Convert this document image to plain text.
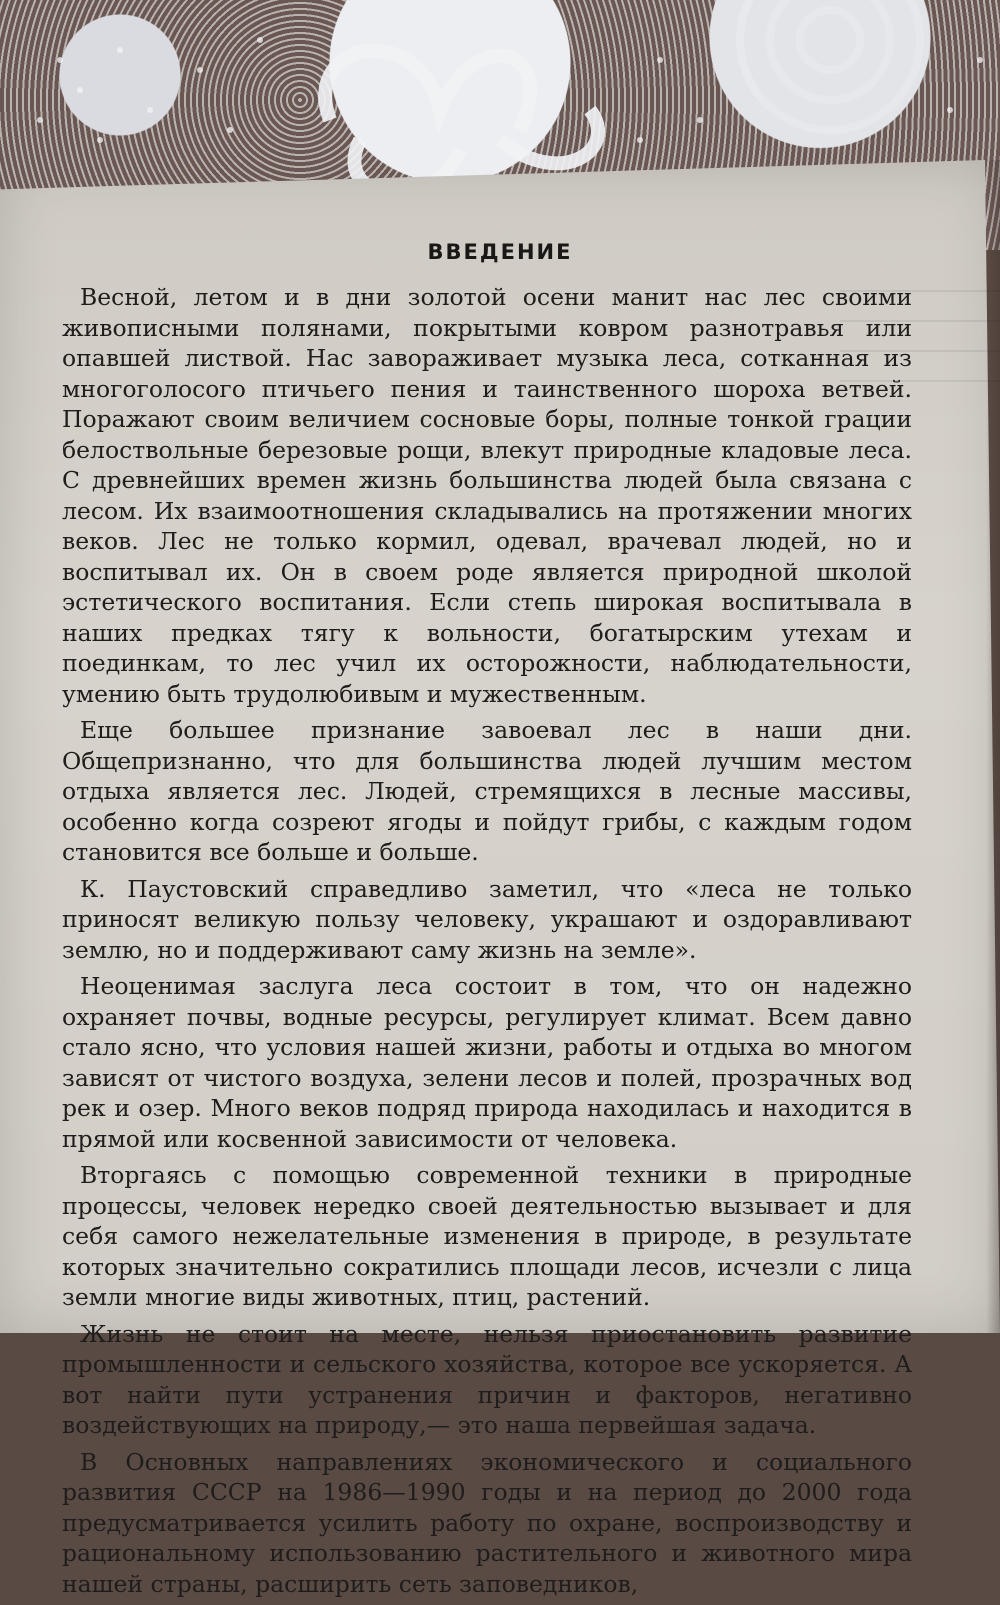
ВВЕДЕНИЕ

Весной, летом и в дни золотой осени манит нас лес своими живописными полянами, покрытыми ковром разнотравья или опавшей листвой. Нас завораживает музыка леса, сотканная из многоголосого птичьего пения и таинственного шороха ветвей. Поражают своим величием сосновые боры, полные тонкой грации белоствольные березовые рощи, влекут природные кладовые леса. С древнейших времен жизнь большинства людей была связана с лесом. Их взаимоотношения складывались на протяжении многих веков. Лес не только кормил, одевал, врачевал людей, но и воспитывал их. Он в своем роде является природной школой эстетического воспитания. Если степь широкая воспитывала в наших предках тягу к вольности, богатырским утехам и поединкам, то лес учил их осторожности, наблюдательности, умению быть трудолюбивым и мужественным.

Еще большее признание завоевал лес в наши дни. Общепризнанно, что для большинства людей лучшим местом отдыха является лес. Людей, стремящихся в лесные массивы, особенно когда созреют ягоды и пойдут грибы, с каждым годом становится все больше и больше.

К. Паустовский справедливо заметил, что «леса не только приносят великую пользу человеку, украшают и оздоравливают землю, но и поддерживают саму жизнь на земле».

Неоценимая заслуга леса состоит в том, что он надежно охраняет почвы, водные ресурсы, регулирует климат. Всем давно стало ясно, что условия нашей жизни, работы и отдыха во многом зависят от чистого воздуха, зелени лесов и полей, прозрачных вод рек и озер. Много веков подряд природа находилась и находится в прямой или косвенной зависимости от человека.

Вторгаясь с помощью современной техники в природные процессы, человек нередко своей деятельностью вызывает и для себя самого нежелательные изменения в природе, в результате которых значительно сократились площади лесов, исчезли с лица земли многие виды животных, птиц, растений.

Жизнь не стоит на месте, нельзя приостановить развитие промышленности и сельского хозяйства, которое все ускоряется. А вот найти пути устранения причин и факторов, негативно воздействующих на природу,— это наша первейшая задача.

В Основных направлениях экономического и социального развития СССР на 1986—1990 годы и на период до 2000 года предусматривается усилить работу по охране, воспроизводству и рациональному использованию растительного и животного мира нашей страны, расширить сеть заповедников,
